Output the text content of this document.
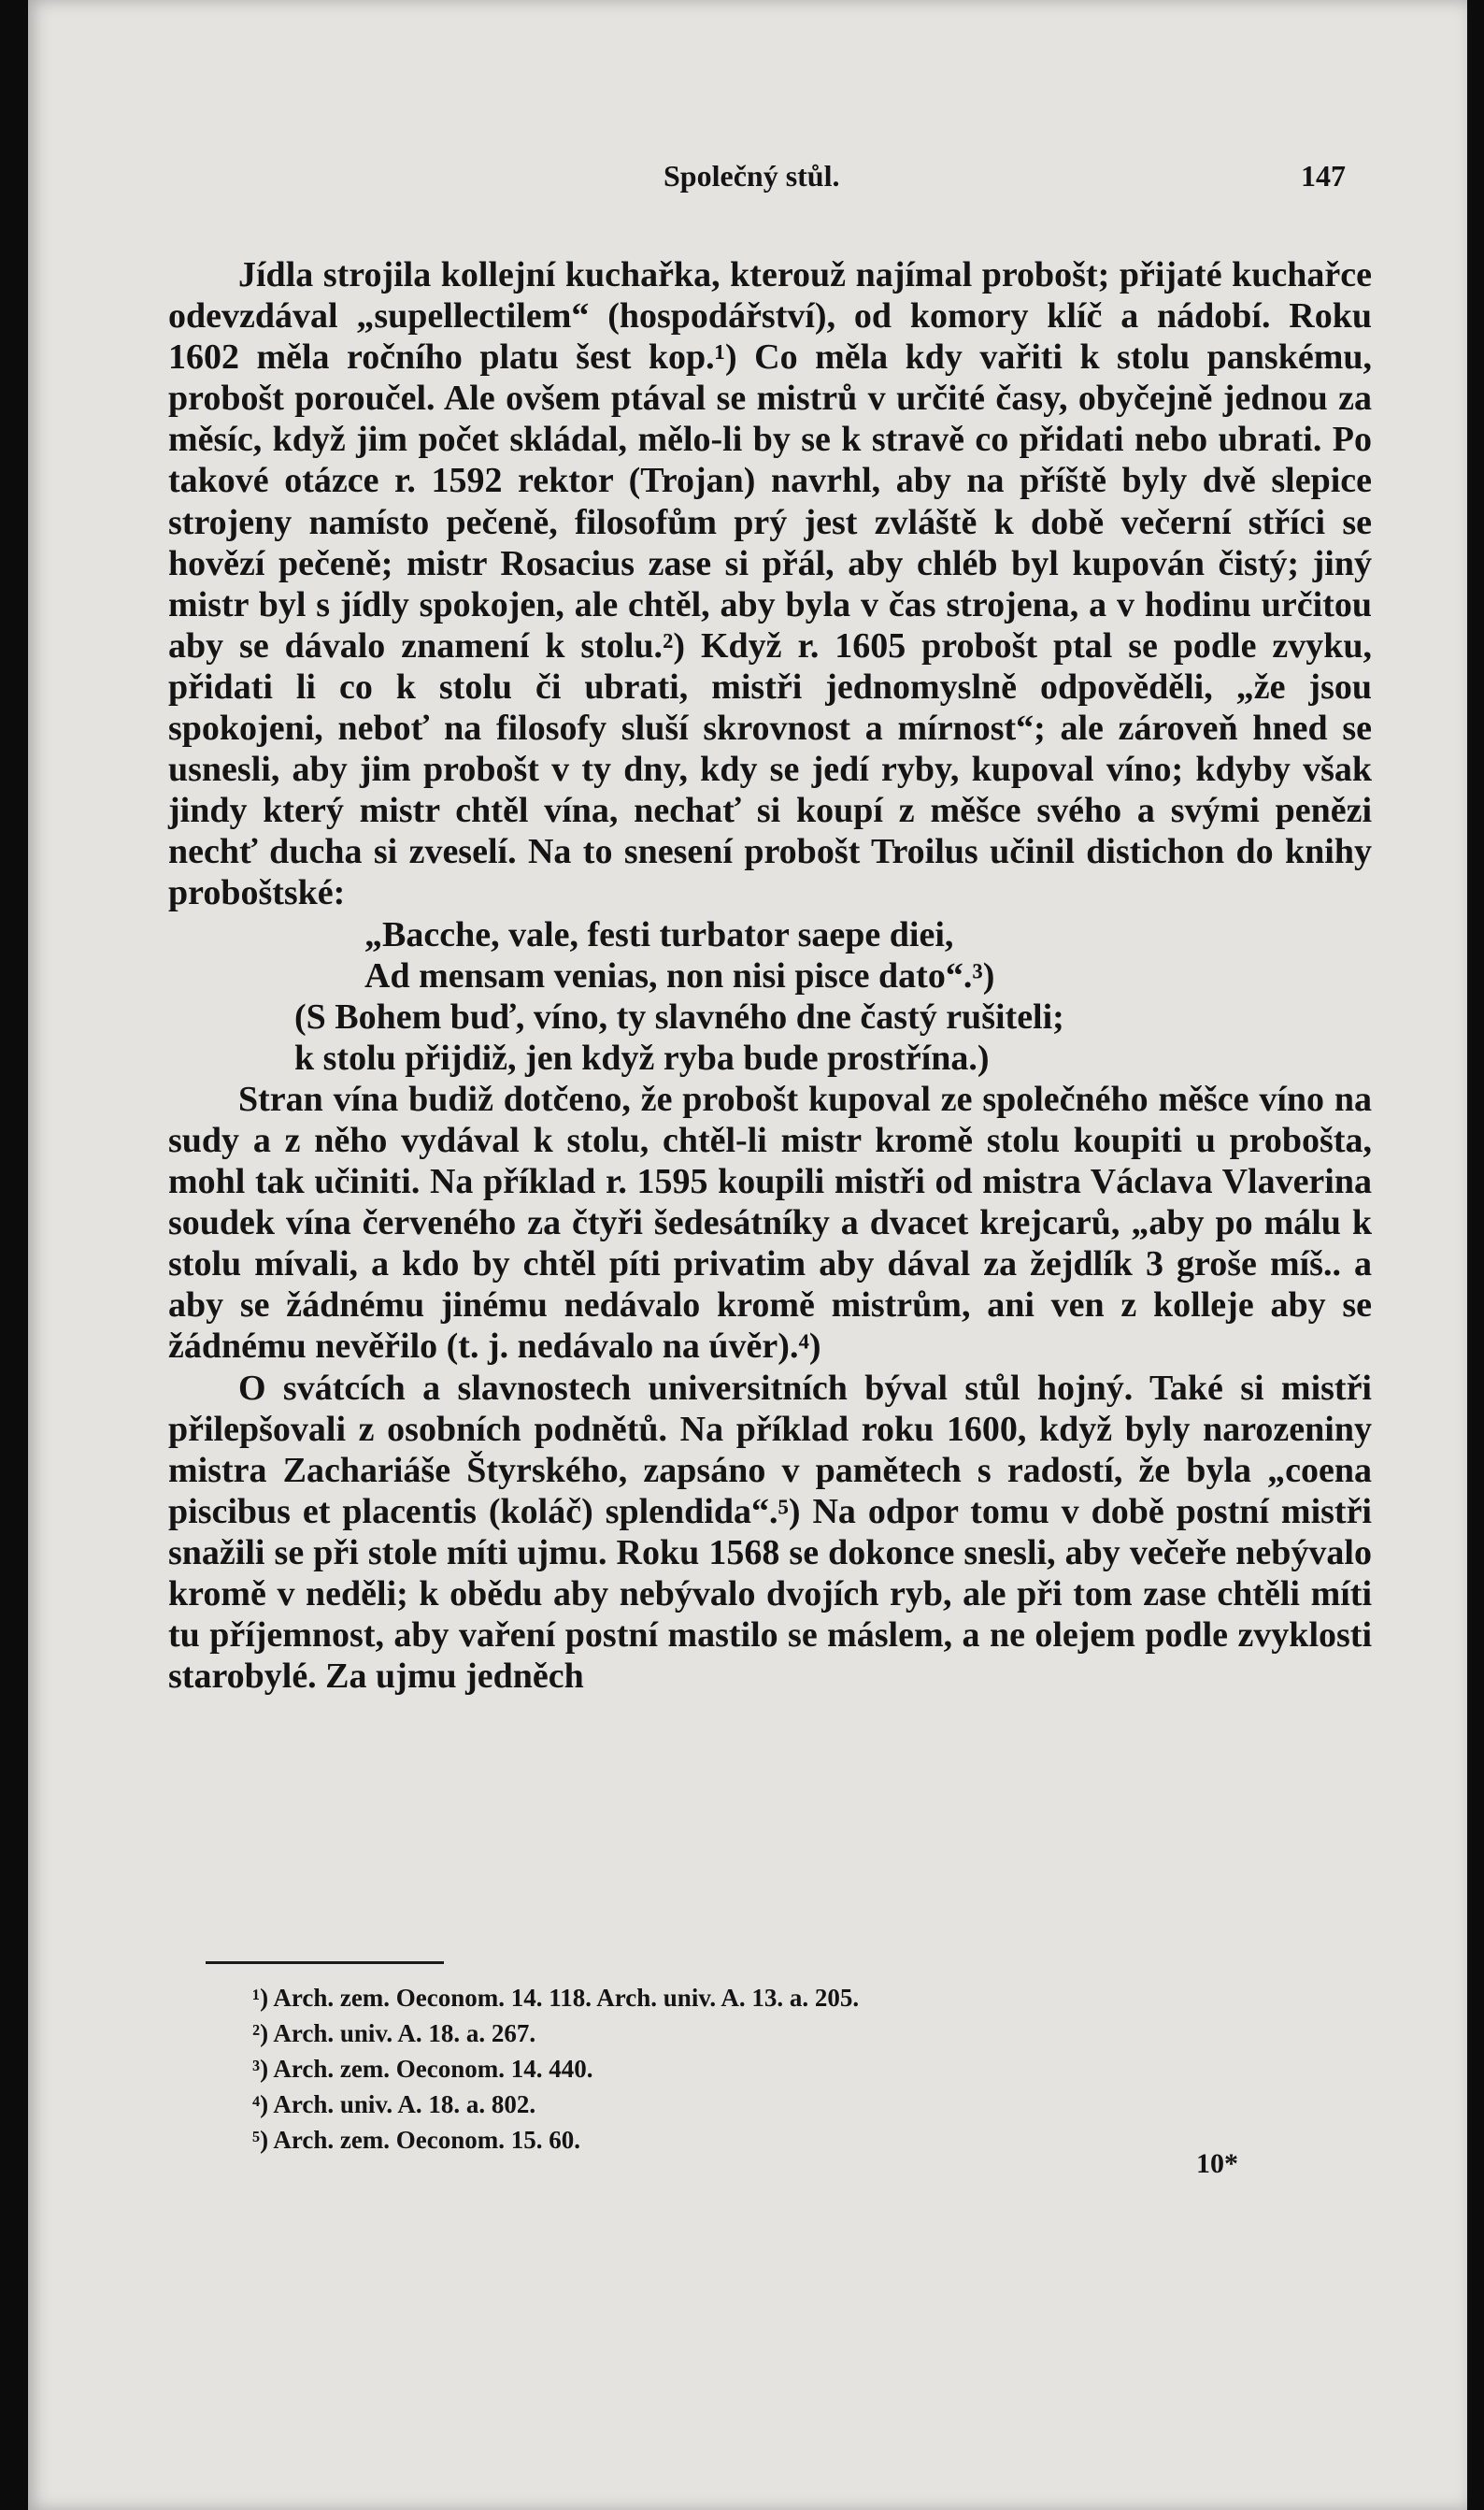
Společný stůl.	147

Jídla strojila kollejní kuchařka, kterouž najímal probošt; přijaté kuchařce odevzdával „supellectilem“ (hospodářství), od komory klíč a nádobí. Roku 1602 měla ročního platu šest kop.¹) Co měla kdy vařiti k stolu panskému, probošt poroučel. Ale ovšem ptával se mistrů v určité časy, obyčejně jednou za měsíc, když jim počet skládal, mělo-li by se k stravě co přidati nebo ubrati. Po takové otázce r. 1592 rektor (Trojan) navrhl, aby na příště byly dvě slepice strojeny namísto pečeně, filosofům prý jest zvláště k době večerní stříci se hovězí pečeně; mistr Rosacius zase si přál, aby chléb byl kupován čistý; jiný mistr byl s jídly spokojen, ale chtěl, aby byla v čas strojena, a v hodinu určitou aby se dávalo znamení k stolu.²) Když r. 1605 probošt ptal se podle zvyku, přidati li co k stolu či ubrati, mistři jednomyslně odpověděli, „že jsou spokojeni, neboť na filosofy sluší skrovnost a mírnost“; ale zároveň hned se usnesli, aby jim probošt v ty dny, kdy se jedí ryby, kupoval víno; kdyby však jindy který mistr chtěl vína, nechať si koupí z měšce svého a svými penězi nechť ducha si zveselí. Na to snesení probošt Troilus učinil distichon do knihy proboštské:

„Bacche, vale, festi turbator saepe diei,
Ad mensam venias, non nisi pisce dato“.³)
(S Bohem buď, víno, ty slavného dne častý rušiteli;
k stolu přijdiž, jen když ryba bude prostřína.)

Stran vína budiž dotčeno, že probošt kupoval ze společného měšce víno na sudy a z něho vydával k stolu, chtěl-li mistr kromě stolu koupiti u probošta, mohl tak učiniti. Na příklad r. 1595 koupili mistři od mistra Václava Vlaverina soudek vína červeného za čtyři šedesátníky a dvacet krejcarů, „aby po málu k stolu mívali, a kdo by chtěl píti privatim aby dával za žejdlík 3 groše míš.. a aby se žádnému jinému nedávalo kromě mistrům, ani ven z kolleje aby se žádnému nevěřilo (t. j. nedávalo na úvěr).⁴)

O svátcích a slavnostech universitních býval stůl hojný. Také si mistři přilepšovali z osobních podnětů. Na příklad roku 1600, když byly narozeniny mistra Zachariáše Štyrského, zapsáno v pamětech s radostí, že byla „coena piscibus et placentis (koláč) splendida“.⁵) Na odpor tomu v době postní mistři snažili se při stole míti ujmu. Roku 1568 se dokonce snesli, aby večeře nebývalo kromě v neděli; k obědu aby nebývalo dvojích ryb, ale při tom zase chtěli míti tu příjemnost, aby vaření postní mastilo se máslem, a ne olejem podle zvyklosti starobylé. Za ujmu jedněch

¹) Arch. zem. Oeconom. 14. 118. Arch. univ. A. 13. a. 205.
²) Arch. univ. A. 18. a. 267.
³) Arch. zem. Oeconom. 14. 440.
⁴) Arch. univ. A. 18. a. 802.
⁵) Arch. zem. Oeconom. 15. 60.
10*
